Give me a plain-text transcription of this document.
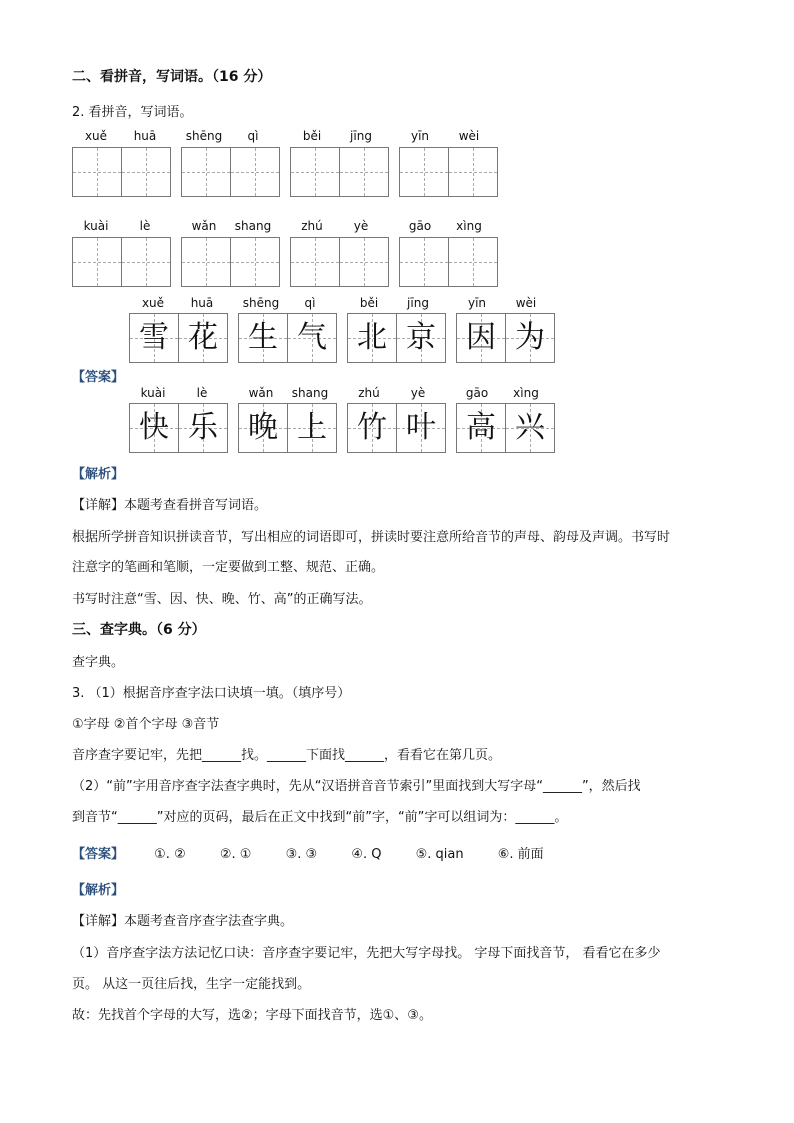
二、看拼音，写词语。（16 分）
2. 看拼音，写词语。
xuě	huā	shēng	qì	běi	jīng	yīn	wèi
kuài	lè	wǎn	shang	zhú	yè	gāo	xìng
xuě	huā	shēng	qì	běi	jīng	yīn	wèi
雪 花 生 气 北 京 因 为
【答案】
kuài	lè	wǎn	shang	zhú	yè	gāo	xìng
快 乐 晚 上 竹 叶 高 兴
【解析】
【详解】本题考查看拼音写词语。
根据所学拼音知识拼读音节，写出相应的词语即可，拼读时要注意所给音节的声母、韵母及声调。书写时
注意字的笔画和笔顺，一定要做到工整、规范、正确。
书写时注意“雪、因、快、晚、竹、高”的正确写法。
三、查字典。（6 分）
查字典。
3. （1）根据音序查字法口诀填一填。（填序号）
①字母 ②首个字母 ③音节
音序查字要记牢，先把______找。______下面找______，看看它在第几页。
（2）“前”字用音序查字法查字典时，先从“汉语拼音音节索引”里面找到大写字母“______”，然后找
到音节“______”对应的页码，最后在正文中找到“前”字，“前”字可以组词为：______。
【答案】 ①. ②	②. ①	③. ③	④. Q	⑤. qian	⑥. 前面
【解析】
【详解】本题考查音序查字法查字典。
（1）音序查字法方法记忆口诀：音序查字要记牢，先把大写字母找。 字母下面找音节， 看看它在多少
页。 从这一页往后找，生字一定能找到。
故：先找首个字母的大写，选②；字母下面找音节，选①、③。
